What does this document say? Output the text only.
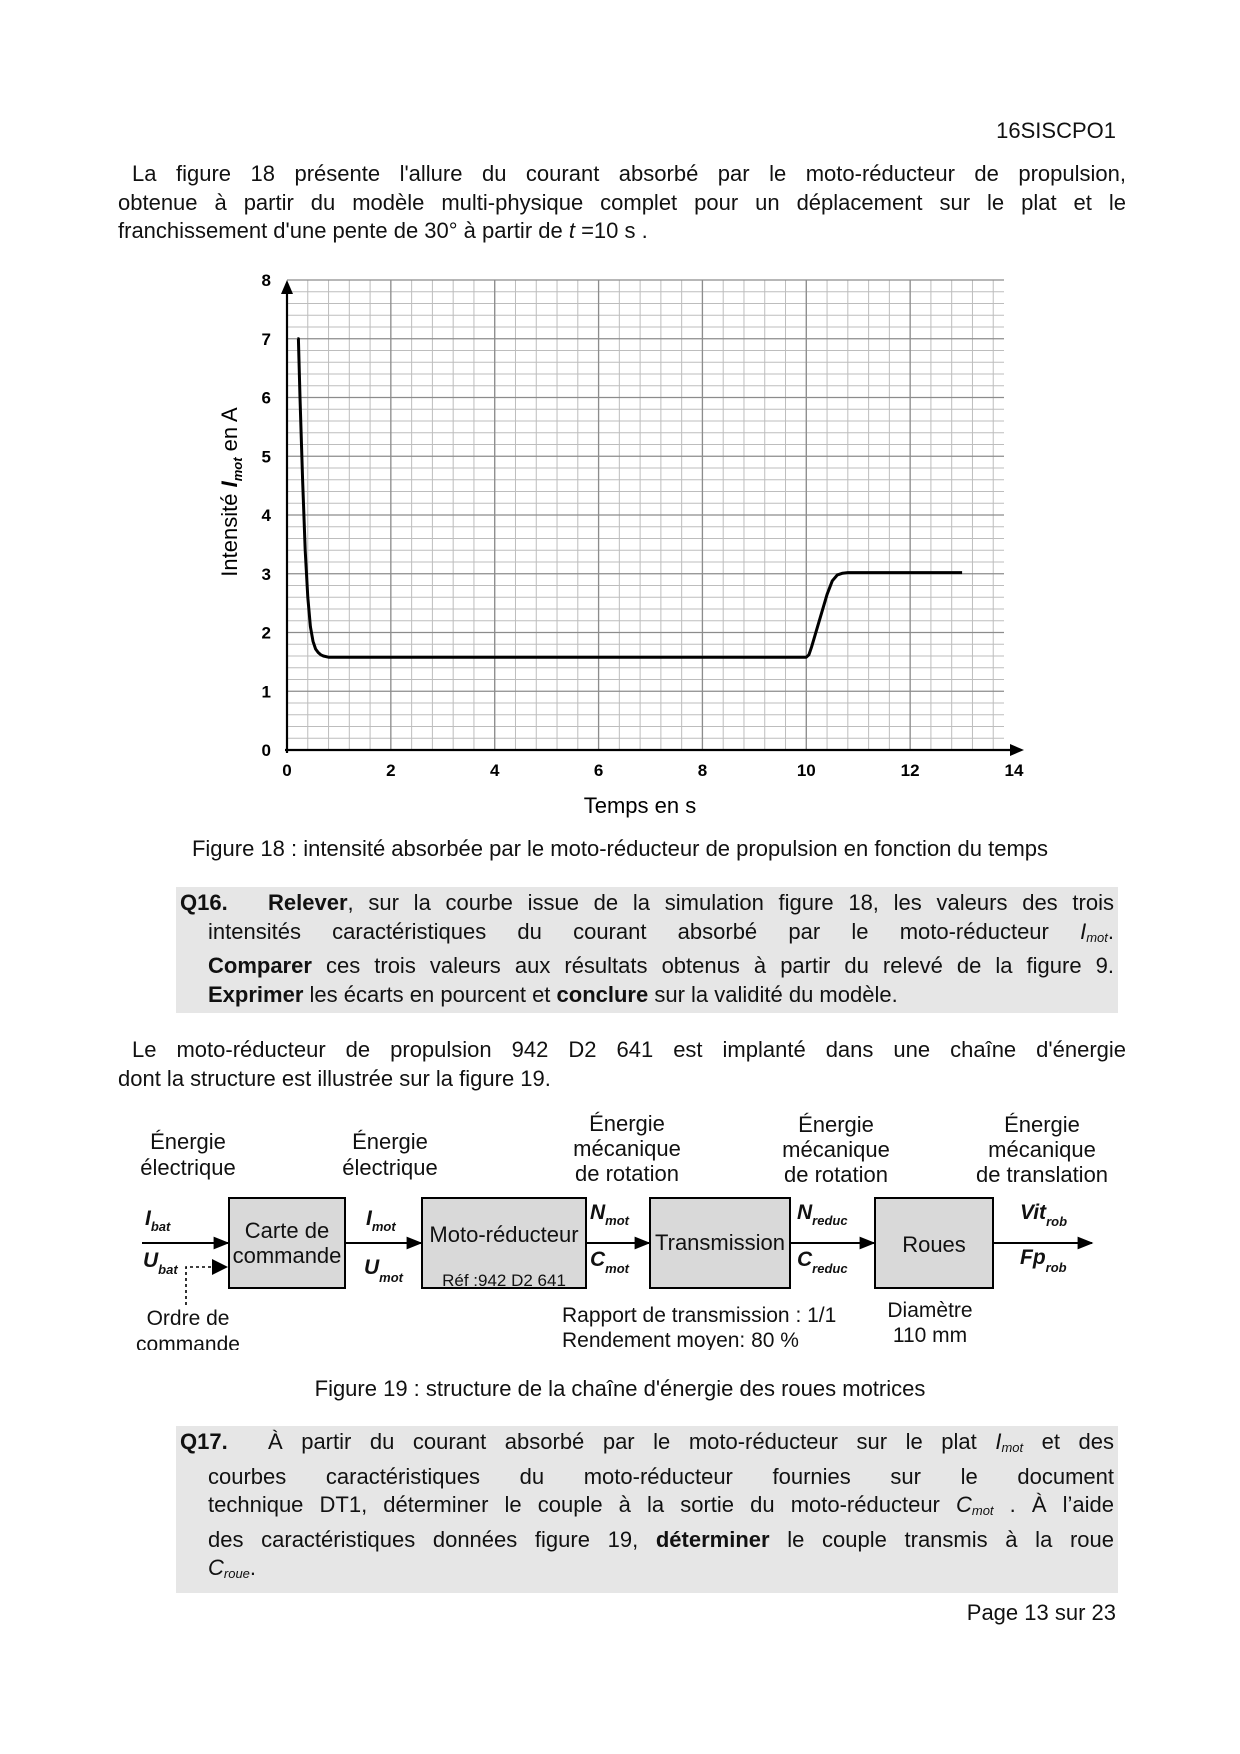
16SISCPO1
La figure 18 présente l'allure du courant absorbé par le moto-réducteur de propulsion,
obtenue à partir du modèle multi-physique complet pour un déplacement sur le plat et le
franchissement d'une pente de 30° à partir de t =10 s .
0	2	4	6	8	10	12	14
0
1
2
3
4
5
6
7
8
Temps en s
Intensité $I_{mot}$ en A
Figure 18 : intensité absorbée par le moto-réducteur de propulsion en fonction du temps
Q16. Relever, sur la courbe issue de la simulation figure 18, les valeurs des trois
intensités caractéristiques du courant absorbé par le moto-réducteur $I_{mot}$.
Comparer ces trois valeurs aux résultats obtenus à partir du relevé de la figure 9.
Exprimer les écarts en pourcent et conclure sur la validité du modèle.
Le moto-réducteur de propulsion 942 D2 641 est implanté dans une chaîne d'énergie
dont la structure est illustrée sur la figure 19.
Énergie électrique
Énergie électrique
Énergie mécanique de rotation
Énergie mécanique de rotation
Énergie mécanique de translation
Carte de commande
Moto-réducteur
Réf :942 D2 641
Transmission	Roues
$I_{bat}$
$U_{bat}$
$I_{mot}$
$U_{mot}$
$N_{mot}$
$C_{mot}$
$N_{reduc}$
$C_{reduc}$
Vit$_{rob}$
$Fp_{rob}$
Ordre de commande
Rapport de transmission : 1/1 Rendement moyen: 80 %
Diamètre 110 mm
Figure 19 : structure de la chaîne d'énergie des roues motrices
Q17. À partir du courant absorbé par le moto-réducteur sur le plat $I_{mot}$ et des
courbes caractéristiques du moto-réducteur fournies sur le document
technique DT1, déterminer le couple à la sortie du moto-réducteur $C_{mot}$ . À l’aide
des caractéristiques données figure 19, déterminer le couple transmis à la roue
$C_{roue}$.
Page 13 sur 23
